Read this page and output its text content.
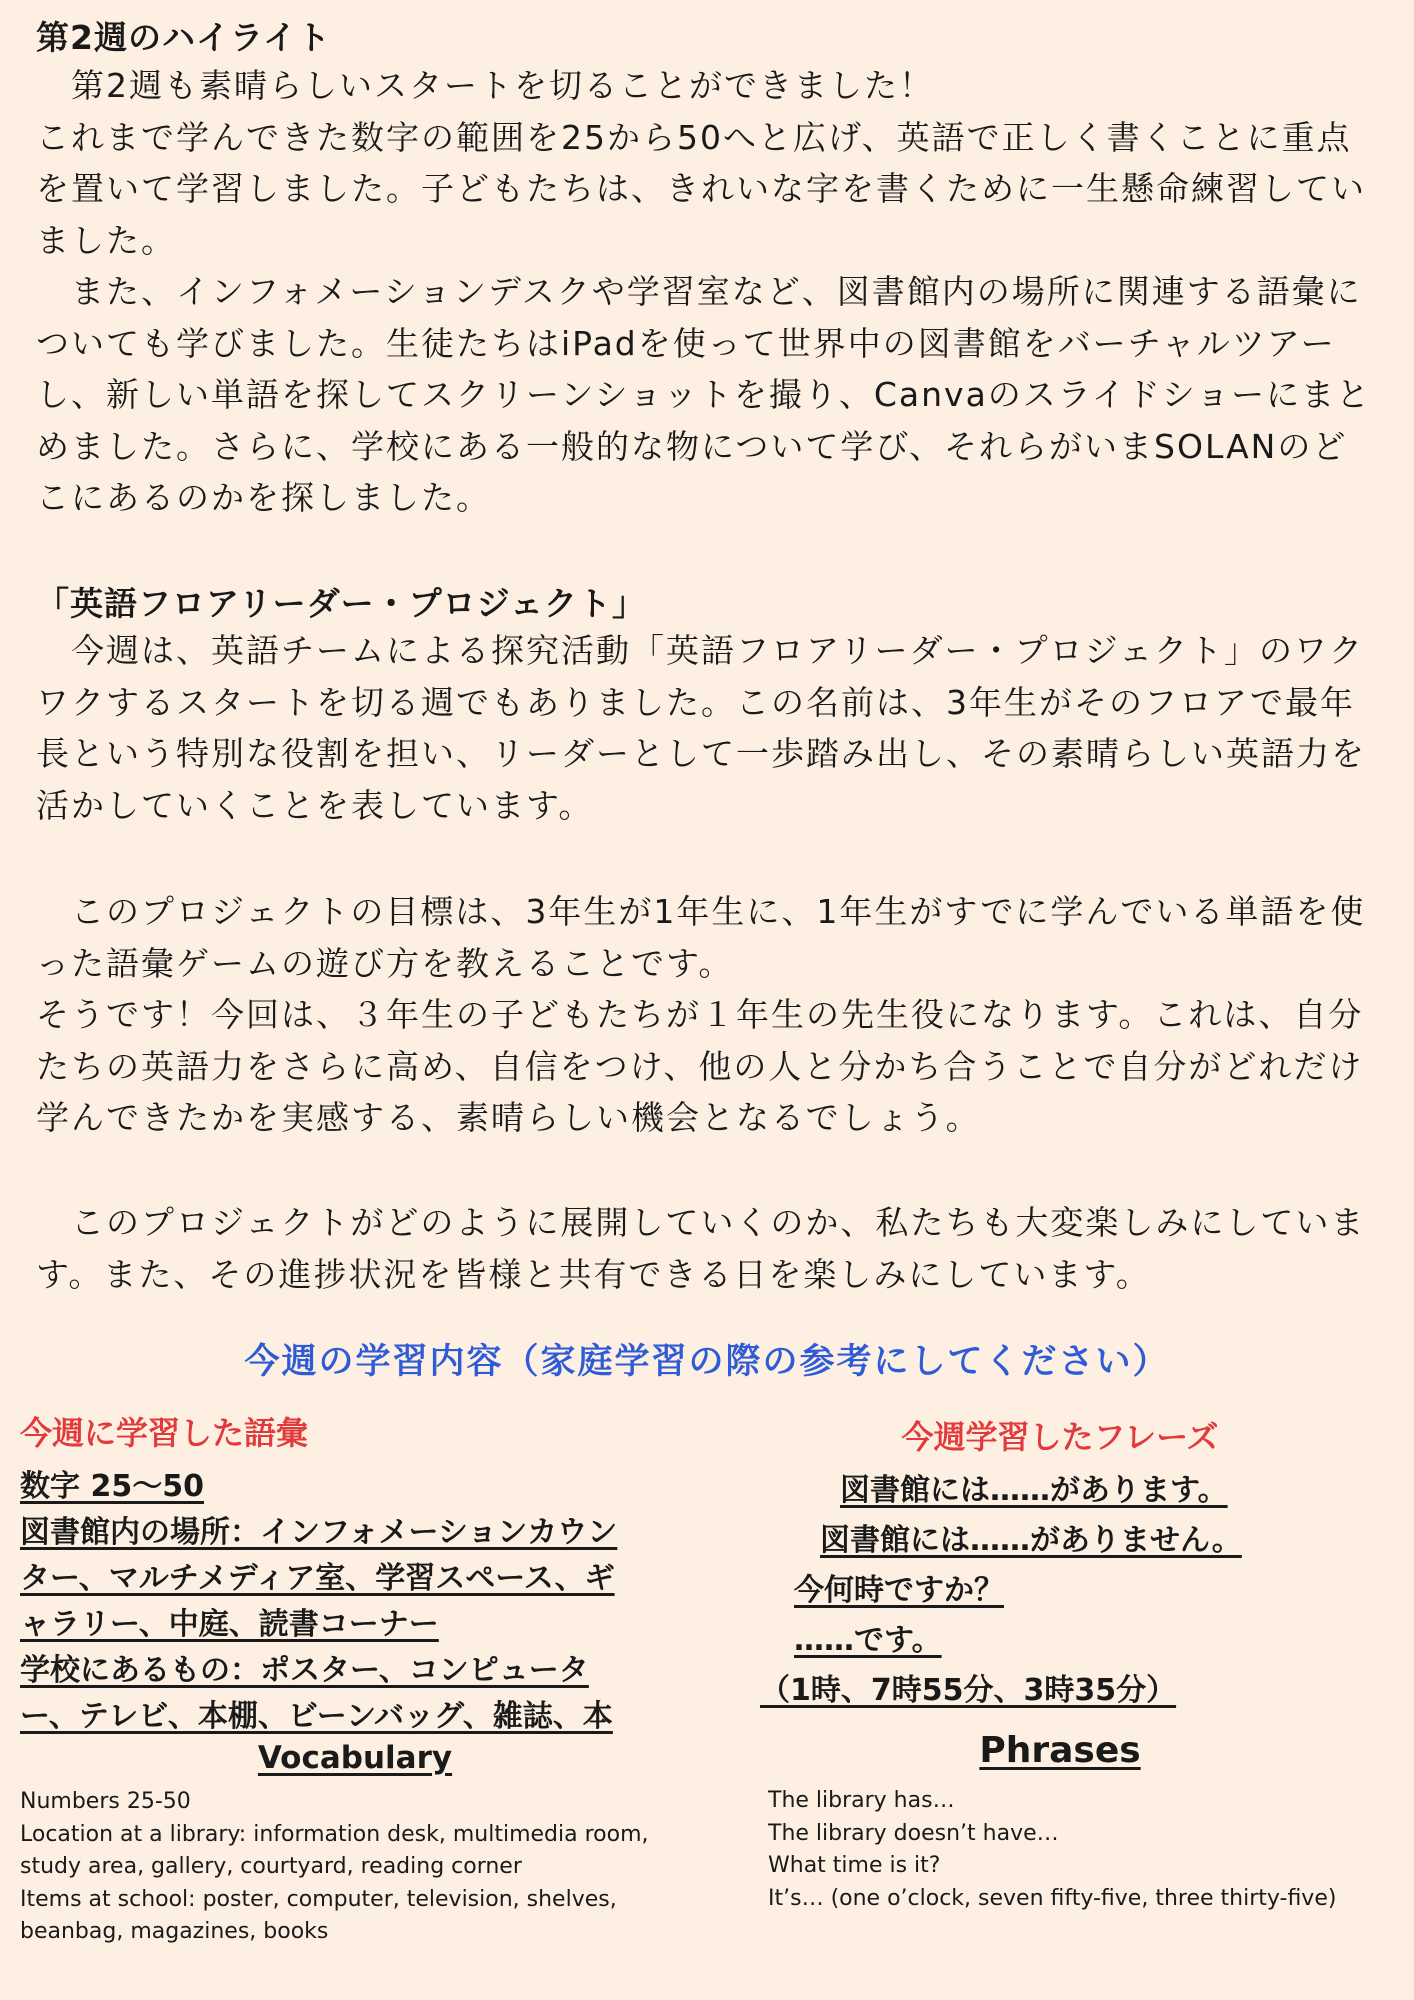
第2週のハイライト

　第2週も素晴らしいスタートを切ることができました！
これまで学んできた数字の範囲を25から50へと広げ、英語で正しく書くことに重点を置いて学習しました。子どもたちは、きれいな字を書くために一生懸命練習していました。
　また、インフォメーションデスクや学習室など、図書館内の場所に関連する語彙についても学びました。生徒たちはiPadを使って世界中の図書館をバーチャルツアーし、新しい単語を探してスクリーンショットを撮り、Canvaのスライドショーにまとめました。さらに、学校にある一般的な物について学び、それらがいまSOLANのどこにあるのかを探しました。

「英語フロアリーダー・プロジェクト」

　今週は、英語チームによる探究活動「英語フロアリーダー・プロジェクト」のワクワクするスタートを切る週でもありました。この名前は、3年生がそのフロアで最年長という特別な役割を担い、リーダーとして一歩踏み出し、その素晴らしい英語力を活かしていくことを表しています。

　このプロジェクトの目標は、3年生が1年生に、1年生がすでに学んでいる単語を使った語彙ゲームの遊び方を教えることです。
そうです！今回は、３年生の子どもたちが１年生の先生役になります。これは、自分たちの英語力をさらに高め、自信をつけ、他の人と分かち合うことで自分がどれだけ学んできたかを実感する、素晴らしい機会となるでしょう。

　このプロジェクトがどのように展開していくのか、私たちも大変楽しみにしています。また、その進捗状況を皆様と共有できる日を楽しみにしています。

今週の学習内容（家庭学習の際の参考にしてください）
今週に学習した語彙

数字 25〜50

図書館内の場所：インフォメーションカウン

ター、マルチメディア室、学習スペース、ギ

ャラリー、中庭、読書コーナー

学校にあるもの：ポスター、コンピュータ

ー、テレビ、本棚、ビーンバッグ、雑誌、本

今週学習したフレーズ
図書館には……があります。
図書館には……がありません。
今何時ですか？
……です。
（1時、7時55分、3時35分）
Vocabulary
Numbers 25-50
Location at a library: information desk, multimedia room,
study area, gallery, courtyard, reading corner
Items at school: poster, computer, television, shelves,
beanbag, magazines, books
Phrases
The library has…
The library doesn’t have…
What time is it?
It’s… (one o’clock, seven fifty-five, three thirty-five)
